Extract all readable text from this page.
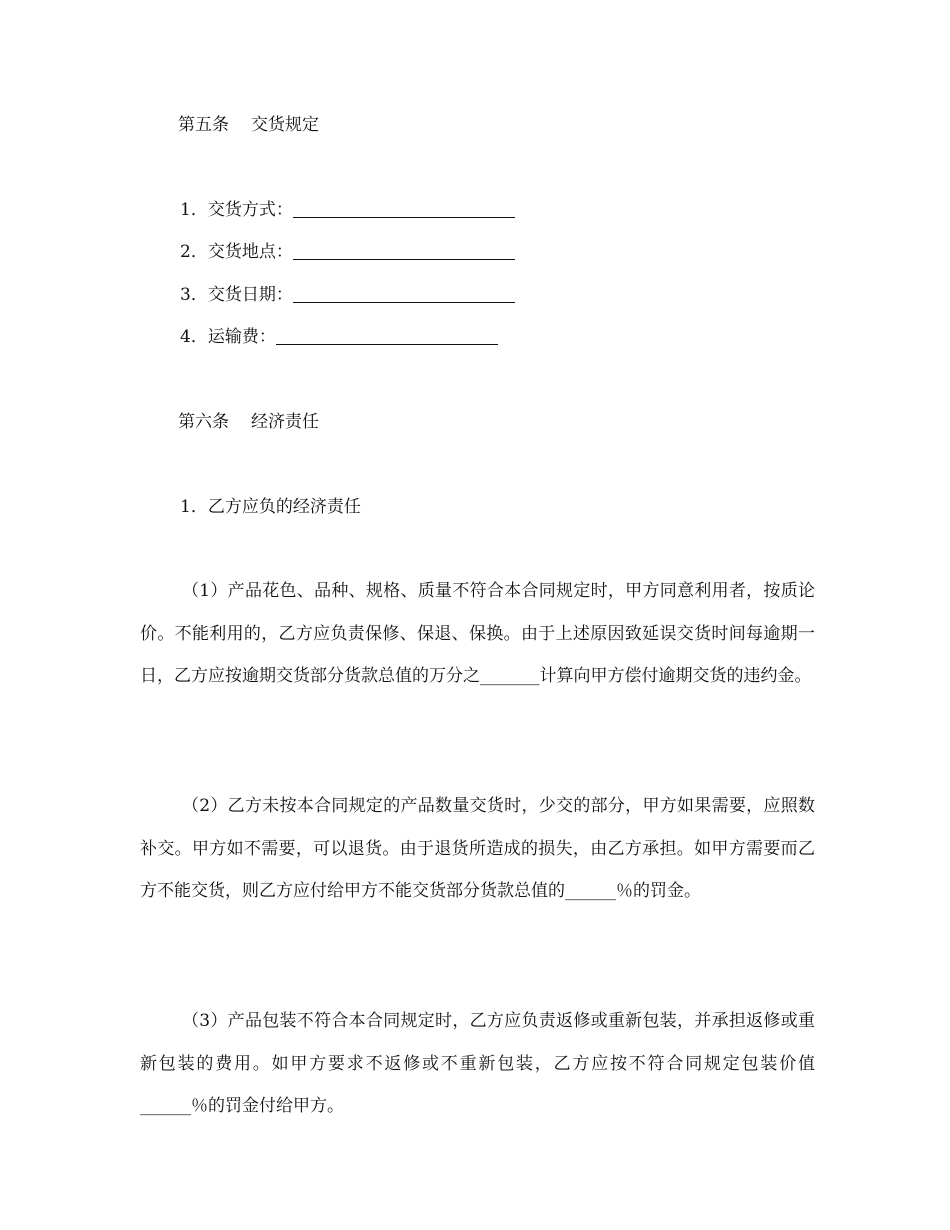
第五条 交货规定
1．交货方式：
2．交货地点：
3．交货日期：
4．运输费：
第六条 经济责任
1．乙方应负的经济责任
（1）产品花色、品种、规格、质量不符合本合同规定时，甲方同意利用者，按质论价。不能利用的，乙方应负责保修、保退、保换。由于上述原因致延误交货时间每逾期一日，乙方应按逾期交货部分货款总值的万分之_______计算向甲方偿付逾期交货的违约金。
（2）乙方未按本合同规定的产品数量交货时，少交的部分，甲方如果需要，应照数补交。甲方如不需要，可以退货。由于退货所造成的损失，由乙方承担。如甲方需要而乙方不能交货，则乙方应付给甲方不能交货部分货款总值的______％的罚金。
（3）产品包装不符合本合同规定时，乙方应负责返修或重新包装，并承担返修或重新包装的费用。如甲方要求不返修或不重新包装，乙方应按不符合同规定包装价值______％的罚金付给甲方。
